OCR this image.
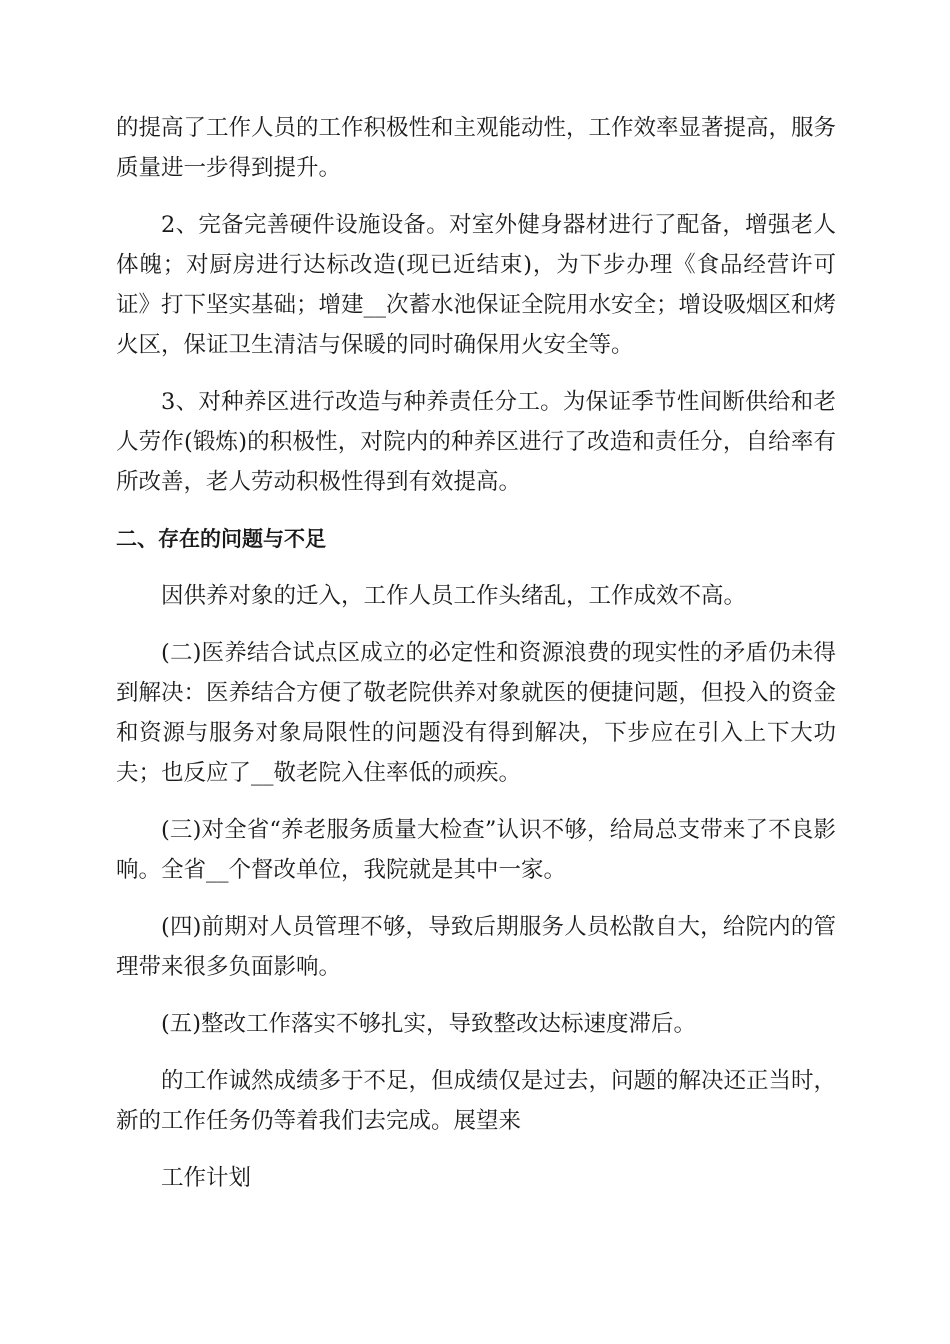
的提高了工作人员的工作积极性和主观能动性，工作效率显著提高，服务质量进一步得到提升。

2、完备完善硬件设施设备。对室外健身器材进行了配备，增强老人体魄；对厨房进行达标改造(现已近结束)，为下步办理《食品经营许可证》打下坚实基础；增建__次蓄水池保证全院用水安全；增设吸烟区和烤火区，保证卫生清洁与保暖的同时确保用火安全等。

3、对种养区进行改造与种养责任分工。为保证季节性间断供给和老人劳作(锻炼)的积极性，对院内的种养区进行了改造和责任分，自给率有所改善，老人劳动积极性得到有效提高。

二、存在的问题与不足

因供养对象的迁入，工作人员工作头绪乱，工作成效不高。

(二)医养结合试点区成立的必定性和资源浪费的现实性的矛盾仍未得到解决：医养结合方便了敬老院供养对象就医的便捷问题，但投入的资金和资源与服务对象局限性的问题没有得到解决，下步应在引入上下大功夫；也反应了__敬老院入住率低的顽疾。

(三)对全省“养老服务质量大检查”认识不够，给局总支带来了不良影响。全省__个督改单位，我院就是其中一家。

(四)前期对人员管理不够，导致后期服务人员松散自大，给院内的管理带来很多负面影响。

(五)整改工作落实不够扎实，导致整改达标速度滞后。

的工作诚然成绩多于不足，但成绩仅是过去，问题的解决还正当时，新的工作任务仍等着我们去完成。展望来

工作计划
